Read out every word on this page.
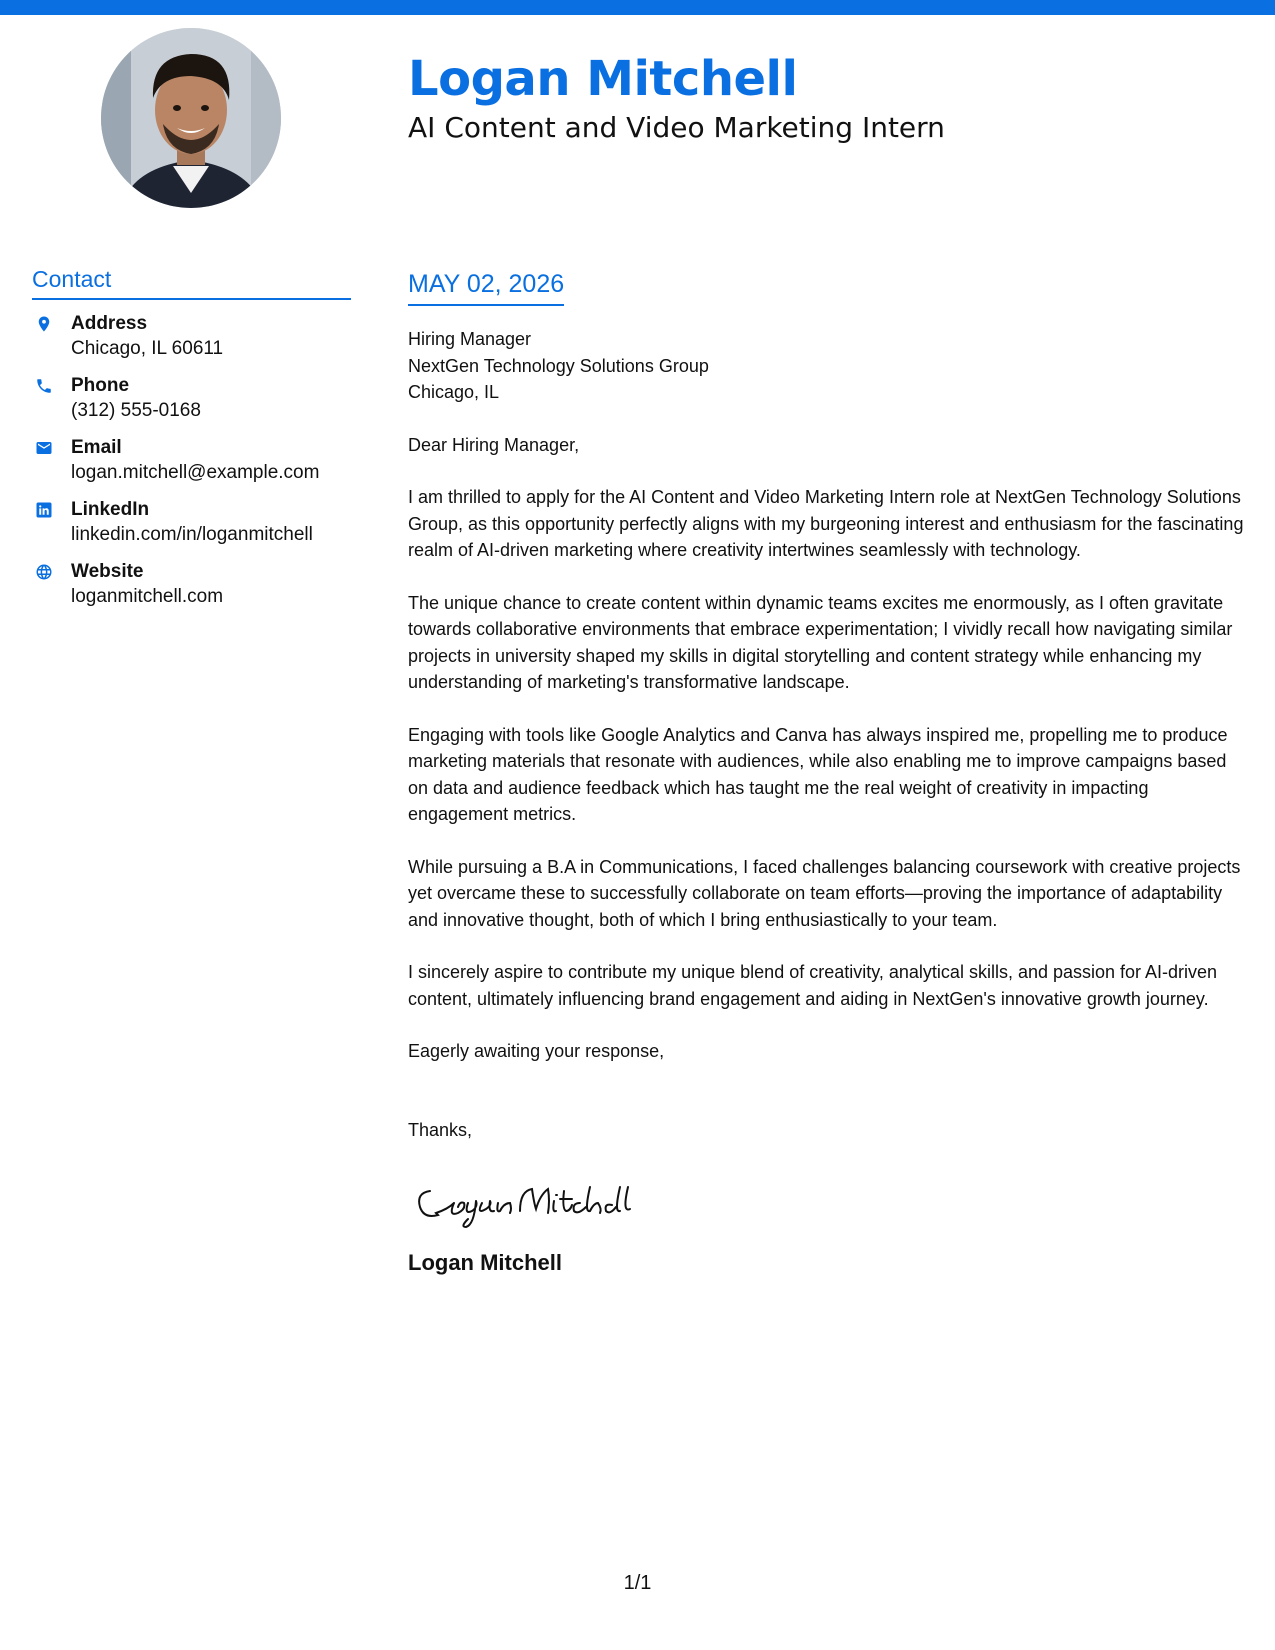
Logan Mitchell
AI Content and Video Marketing Intern
Contact
Address
Chicago, IL 60611
Phone
(312) 555-0168
Email
logan.mitchell@example.com
LinkedIn
linkedin.com/in/loganmitchell
Website
loganmitchell.com
MAY 02, 2026
Hiring Manager
NextGen Technology Solutions Group
Chicago, IL
Dear Hiring Manager,
I am thrilled to apply for the AI Content and Video Marketing Intern role at NextGen Technology Solutions Group, as this opportunity perfectly aligns with my burgeoning interest and enthusiasm for the fascinating realm of AI-driven marketing where creativity intertwines seamlessly with technology.
The unique chance to create content within dynamic teams excites me enormously, as I often gravitate towards collaborative environments that embrace experimentation; I vividly recall how navigating similar projects in university shaped my skills in digital storytelling and content strategy while enhancing my understanding of marketing's transformative landscape.
Engaging with tools like Google Analytics and Canva has always inspired me, propelling me to produce marketing materials that resonate with audiences, while also enabling me to improve campaigns based on data and audience feedback which has taught me the real weight of creativity in impacting engagement metrics.
While pursuing a B.A in Communications, I faced challenges balancing coursework with creative projects yet overcame these to successfully collaborate on team efforts—proving the importance of adaptability and innovative thought, both of which I bring enthusiastically to your team.
I sincerely aspire to contribute my unique blend of creativity, analytical skills, and passion for AI-driven content, ultimately influencing brand engagement and aiding in NextGen's innovative growth journey.
Eagerly awaiting your response,
Thanks,
Logan Mitchell
1/1
